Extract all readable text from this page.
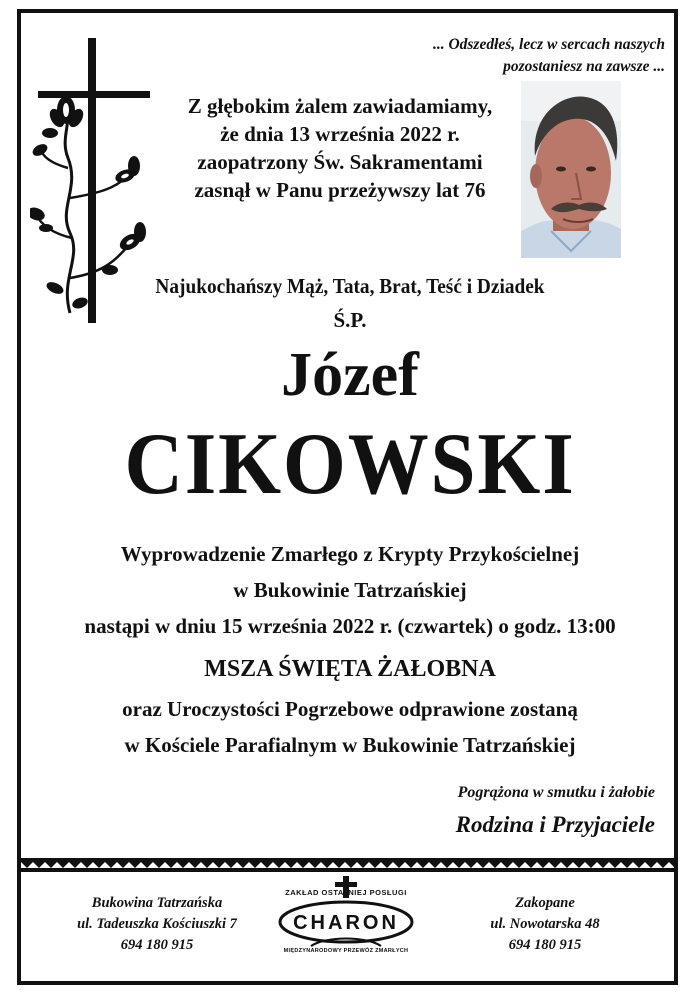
... Odszedłeś, lecz w sercach naszych
pozostaniesz na zawsze ...
Z głębokim żalem zawiadamiamy,
że dnia 13 września 2022 r.
zaopatrzony Św. Sakramentami
zasnął w Panu przeżywszy lat 76
Najukochańszy Mąż, Tata, Brat, Teść i Dziadek
Ś.P.
Józef
CIKOWSKI
Wyprowadzenie Zmarłego z Krypty Przykościelnej
w Bukowinie Tatrzańskiej
nastąpi w dniu 15 września 2022 r. (czwartek) o godz. 13:00
MSZA ŚWIĘTA ŻAŁOBNA
oraz Uroczystości Pogrzebowe odprawione zostaną
w Kościele Parafialnym w Bukowinie Tatrzańskiej
Pogrążona w smutku i żałobie
Rodzina i Przyjaciele
Bukowina Tatrzańska
ul. Tadeuszka Kościuszki 7
694 180 915
ZAKŁAD OSTATNIEJ POSŁUGI
CHARON
MIĘDZYNARODOWY PRZEWÓZ ZMARŁYCH
Zakopane
ul. Nowotarska 48
694 180 915
